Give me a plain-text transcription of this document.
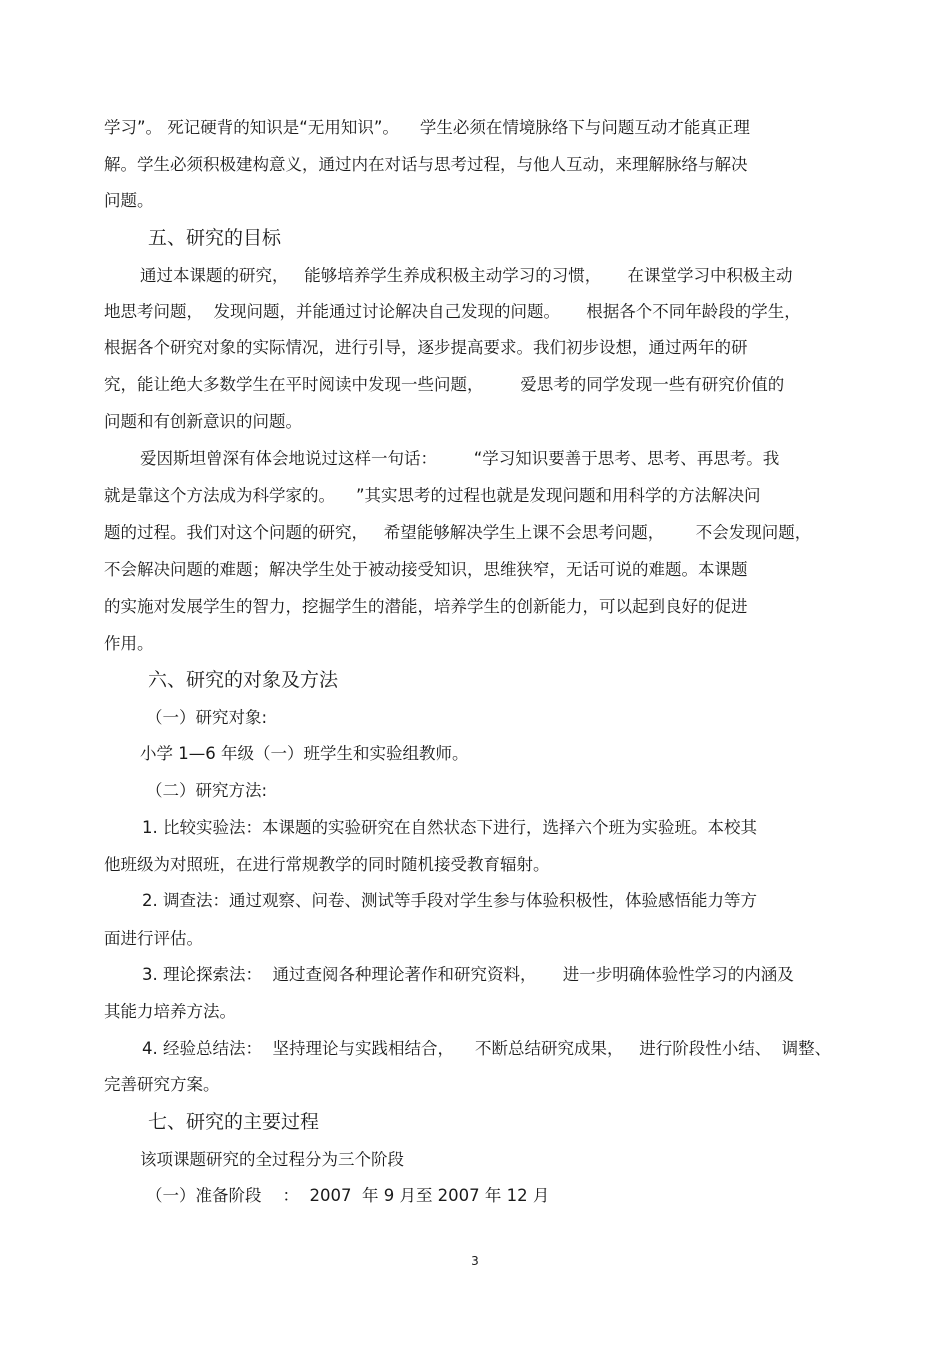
学习”。 死记硬背的知识是“无用知识”。    学生必须在情境脉络下与问题互动才能真正理
解。学生必须积极建构意义，通过内在对话与思考过程，与他人互动，来理解脉络与解决
问题。
五、研究的目标
通过本课题的研究，   能够培养学生养成积极主动学习的习惯，     在课堂学习中积极主动
地思考问题，  发现问题，并能通过讨论解决自己发现的问题。     根据各个不同年龄段的学生，
根据各个研究对象的实际情况，进行引导，逐步提高要求。我们初步设想，通过两年的研
究，能让绝大多数学生在平时阅读中发现一些问题，       爱思考的同学发现一些有研究价值的
问题和有创新意识的问题。
爱因斯坦曾深有体会地说过这样一句话：       “学习知识要善于思考、思考、再思考。我
就是靠这个方法成为科学家的。    ”其实思考的过程也就是发现问题和用科学的方法解决问
题的过程。我们对这个问题的研究，   希望能够解决学生上课不会思考问题，      不会发现问题，
不会解决问题的难题；解决学生处于被动接受知识，思维狭窄，无话可说的难题。本课题
的实施对发展学生的智力，挖掘学生的潜能，培养学生的创新能力，可以起到良好的促进
作用。
六、研究的对象及方法
（一）研究对象:
小学 1—6 年级（一）班学生和实验组教师。
（二）研究方法:
1. 比较实验法：本课题的实验研究在自然状态下进行，选择六个班为实验班。本校其
他班级为对照班，在进行常规教学的同时随机接受教育辐射。
2. 调查法：通过观察、问卷、测试等手段对学生参与体验积极性，体验感悟能力等方
面进行评估。
3. 理论探索法：  通过查阅各种理论著作和研究资料，     进一步明确体验性学习的内涵及
其能力培养方法。
4. 经验总结法：  坚持理论与实践相结合，    不断总结研究成果，   进行阶段性小结、  调整、
完善研究方案。
七、研究的主要过程
该项课题研究的全过程分为三个阶段
（一）准备阶段    ：  2007  年 9 月至 2007 年 12 月
3
